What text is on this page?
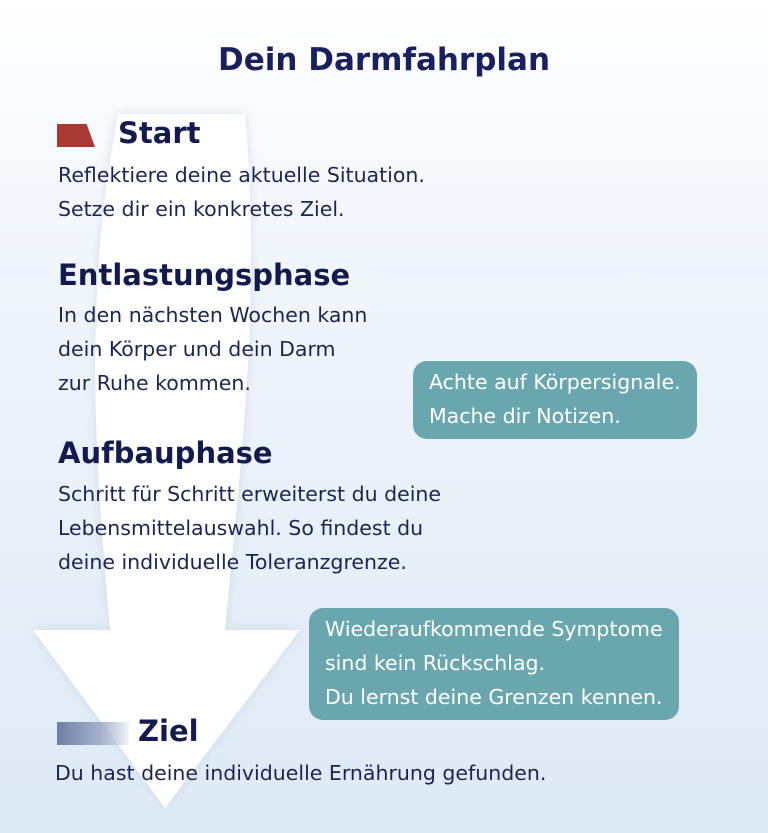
Dein Darmfahrplan
Start
Reflektiere deine aktuelle Situation.
Setze dir ein konkretes Ziel.
Entlastungsphase
In den nächsten Wochen kann
dein Körper und dein Darm
zur Ruhe kommen.	Achte auf Körpersignale.
Mache dir Notizen.
Aufbauphase
Schritt für Schritt erweiterst du deine
Lebensmittelauswahl. So findest du
deine individuelle Toleranzgrenze.
Wiederaufkommende Symptome
sind kein Rückschlag.
Du lernst deine Grenzen kennen.
Ziel
Du hast deine individuelle Ernährung gefunden.
